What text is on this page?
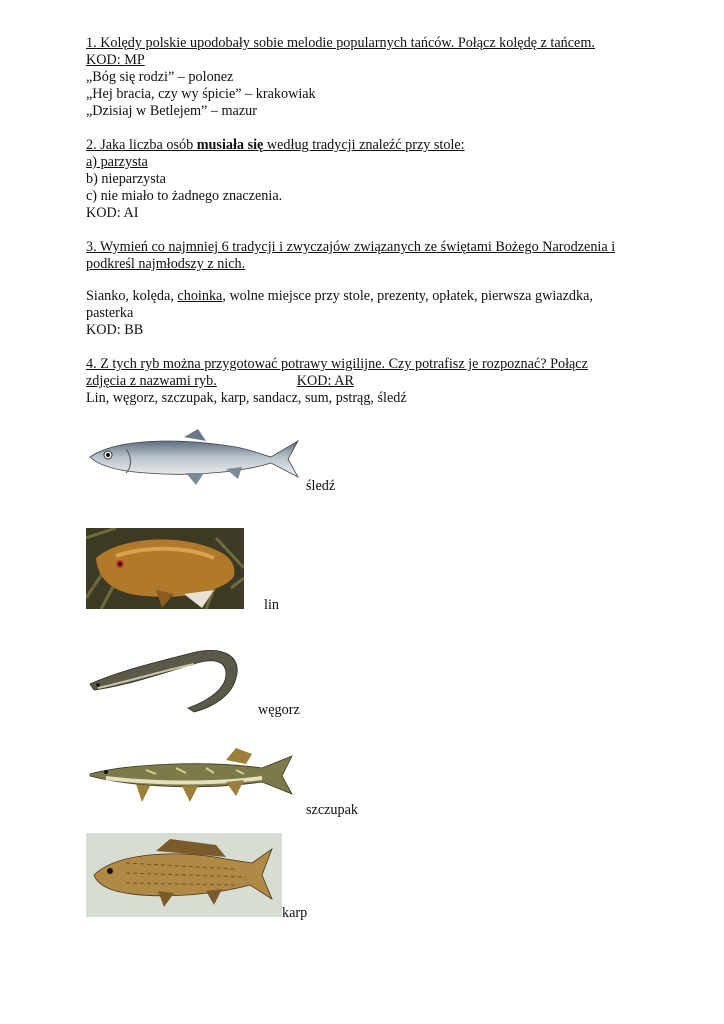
1. Kolędy polskie upodobały sobie melodie popularnych tańców. Połącz kolędę z tańcem.
KOD: MP
„Bóg się rodzi” – polonez
„Hej bracia, czy wy śpicie” – krakowiak
„Dzisiaj w Betlejem” – mazur
2. Jaka liczba osób musiała się według tradycji znaleźć przy stole:
a) parzysta
b) nieparzysta
c) nie miało to żadnego znaczenia.
KOD: AI
3. Wymień co najmniej 6 tradycji i zwyczajów związanych ze świętami Bożego Narodzenia i
podkreśl najmłodszy z nich.
Sianko, kolęda, choinka, wolne miejsce przy stole, prezenty, opłatek, pierwsza gwiazdka,
pasterka
KOD: BB
4. Z tych ryb można przygotować potrawy wigilijne. Czy potrafisz je rozpoznać? Połącz
zdjęcia z nazwami ryb.	KOD: AR
Lin, węgorz, szczupak, karp, sandacz, sum, pstrąg, śledź
śledź
lin
węgorz
szczupak
karp
